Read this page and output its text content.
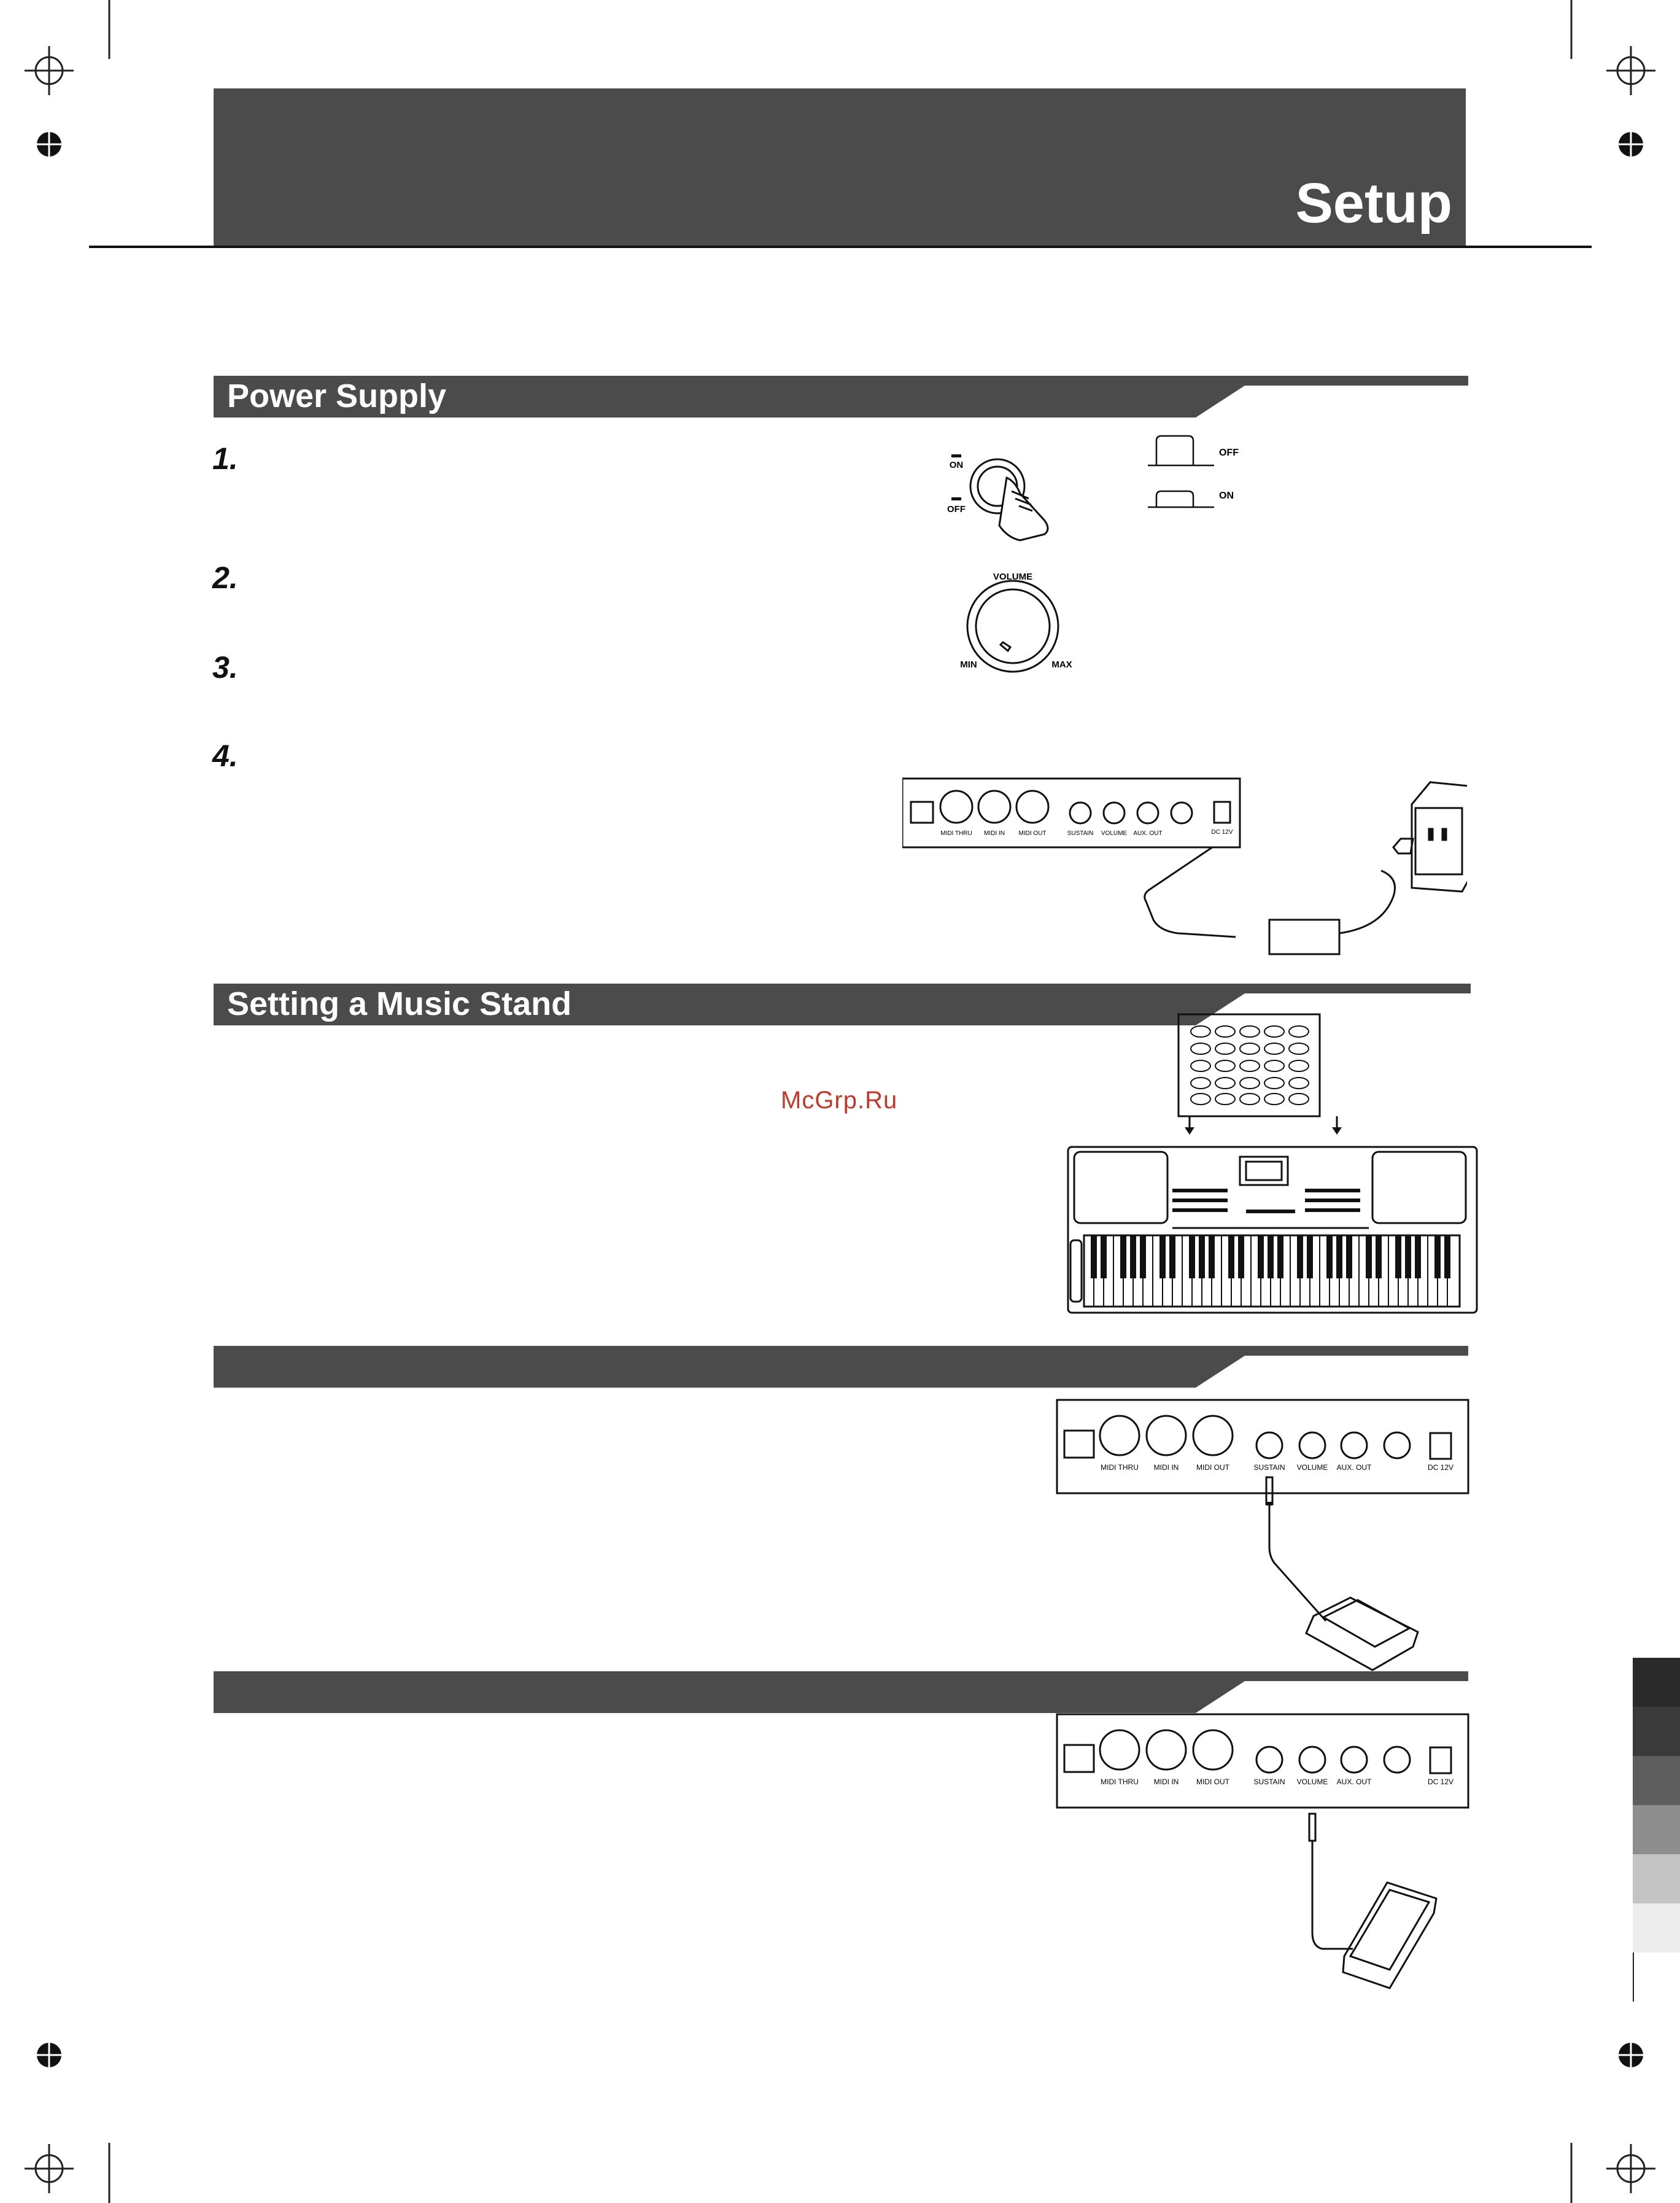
Setup
Power Supply
Setting a Music Stand
1.
2.
3.
4.
McGrp.Ru
ON
OFF
OFF
ON
VOLUME
MIN	MAX
MIDI THRU MIDI IN MIDI OUT	SUSTAIN VOLUME AUX. OUT	DC 12V
MIDI THRU MIDI IN MIDI OUT	SUSTAIN VOLUME AUX. OUT	DC 12V
MIDI THRU MIDI IN MIDI OUT	SUSTAIN VOLUME AUX. OUT	DC 12V
